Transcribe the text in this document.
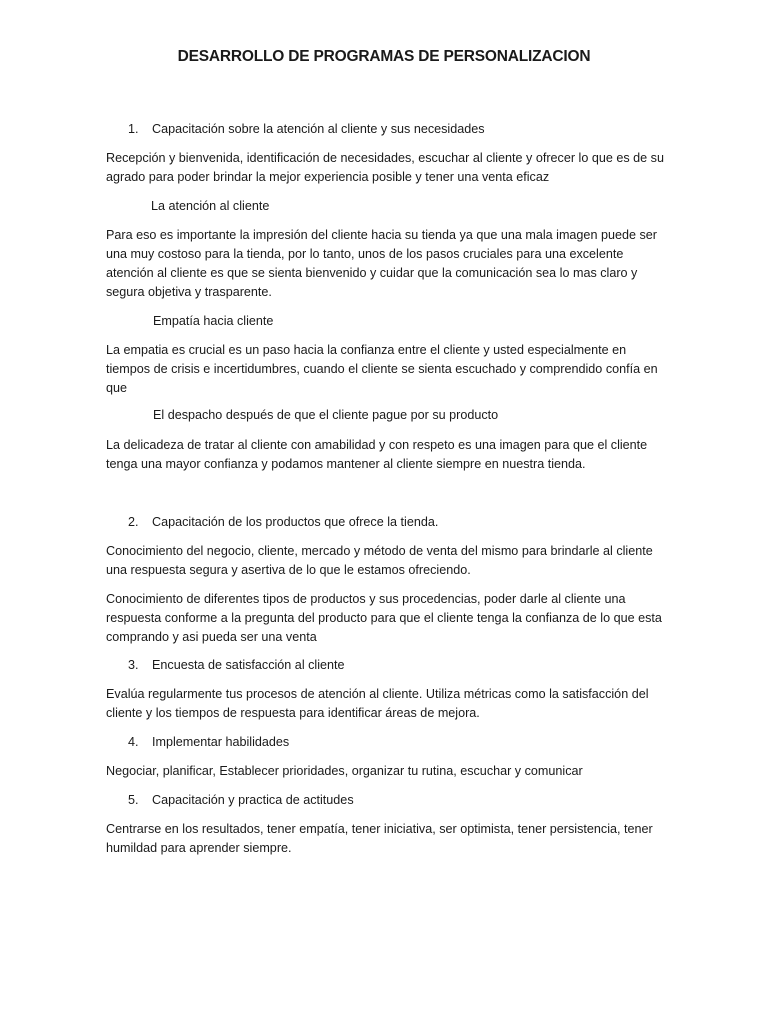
DESARROLLO DE PROGRAMAS DE PERSONALIZACION
1.	Capacitación sobre la atención al cliente y sus necesidades

Recepción y bienvenida, identificación de necesidades, escuchar al cliente y ofrecer lo que es de su agrado para poder brindar la mejor experiencia posible y tener una venta eficaz

La atención al cliente

Para eso es importante la impresión del cliente hacia su tienda ya que una mala imagen puede ser una muy costoso para la tienda, por lo tanto, unos de los pasos cruciales para una excelente atención al cliente es que se sienta bienvenido y cuidar que la comunicación sea lo mas claro y segura objetiva y trasparente.

Empatía hacia cliente

La empatia es crucial es un paso hacia la confianza entre el cliente y usted especialmente en tiempos de crisis e incertidumbres, cuando el cliente se sienta escuchado y comprendido confía en que

El despacho después de que el cliente pague por su producto

La delicadeza de tratar al cliente con amabilidad y con respeto es una imagen para que el cliente tenga una mayor confianza y podamos mantener al cliente siempre en nuestra tienda.

2.	Capacitación de los productos que ofrece la tienda.

Conocimiento del negocio, cliente, mercado y método de venta del mismo para brindarle al cliente una respuesta segura y asertiva de lo que le estamos ofreciendo.

Conocimiento de diferentes tipos de productos y sus procedencias, poder darle al cliente una respuesta conforme a la pregunta del producto para que el cliente tenga la confianza de lo que esta comprando y asi pueda ser una venta

3.	Encuesta de satisfacción al cliente

Evalúa regularmente tus procesos de atención al cliente. Utiliza métricas como la satisfacción del cliente y los tiempos de respuesta para identificar áreas de mejora.

4.	Implementar habilidades

Negociar, planificar, Establecer prioridades, organizar tu rutina, escuchar y comunicar

5.	Capacitación y practica de actitudes

Centrarse en los resultados, tener empatía, tener iniciativa, ser optimista, tener persistencia, tener humildad para aprender siempre.
